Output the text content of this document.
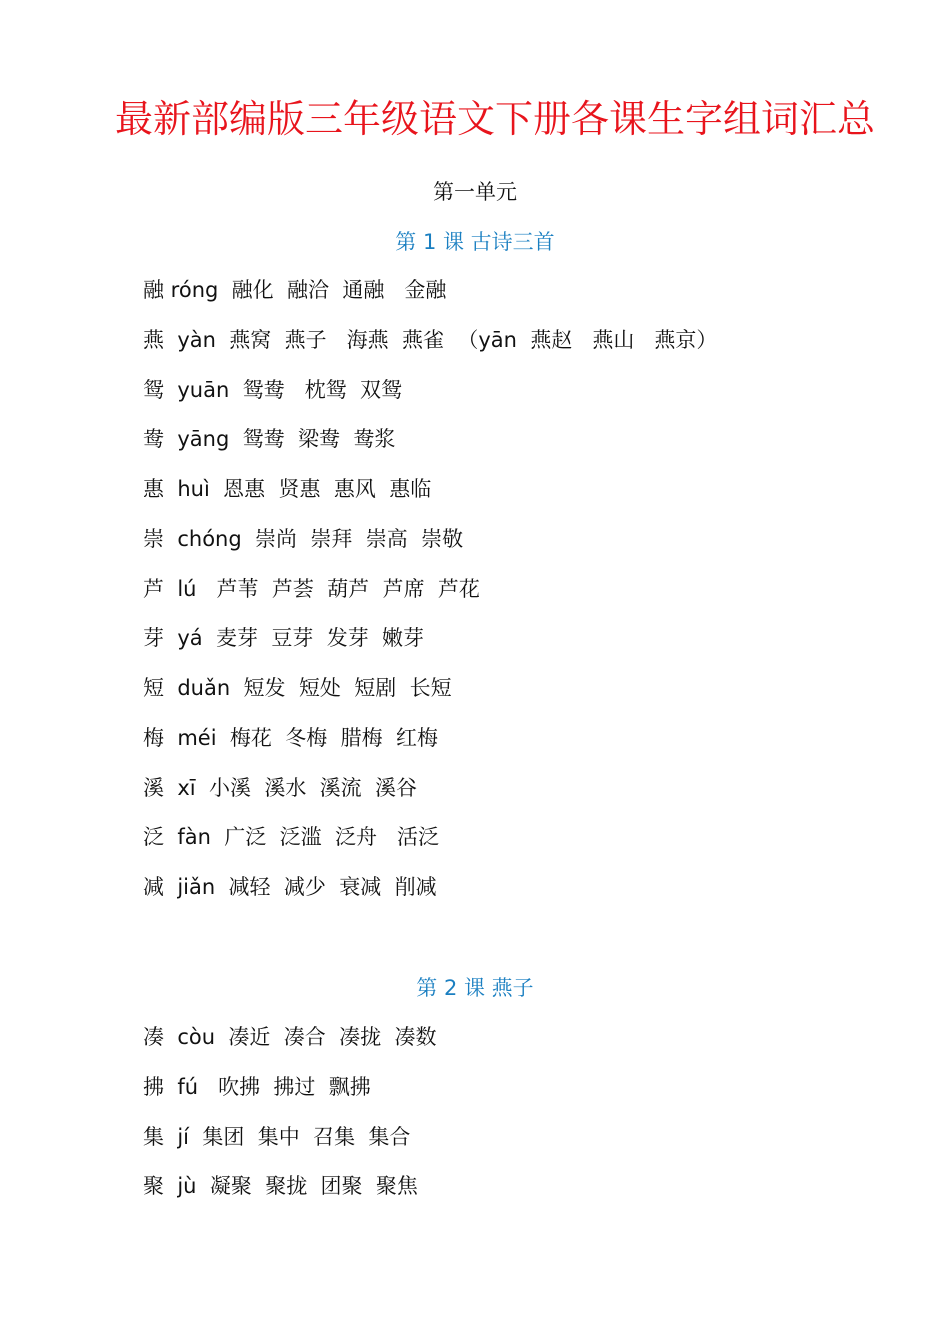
最新部编版三年级语文下册各课生字组词汇总
第一单元
第 1 课 古诗三首
融 róng  融化  融洽  通融   金融
燕  yàn  燕窝  燕子   海燕  燕雀  （yān  燕赵   燕山   燕京）
鸳  yuān  鸳鸯   枕鸳  双鸳
鸯  yāng  鸳鸯  梁鸯  鸯浆
惠  huì  恩惠  贤惠  惠风  惠临
崇  chóng  崇尚  崇拜  崇高  崇敬
芦  lú   芦苇  芦荟  葫芦  芦席  芦花
芽  yá  麦芽  豆芽  发芽  嫩芽
短  duǎn  短发  短处  短剧  长短
梅  méi  梅花  冬梅  腊梅  红梅
溪  xī  小溪  溪水  溪流  溪谷
泛  fàn  广泛  泛滥  泛舟   活泛
减  jiǎn  减轻  减少  衰减  削减
第 2 课 燕子
凑  còu  凑近  凑合  凑拢  凑数
拂  fú   吹拂  拂过  飘拂
集  jí  集团  集中  召集  集合
聚  jù  凝聚  聚拢  团聚  聚焦
